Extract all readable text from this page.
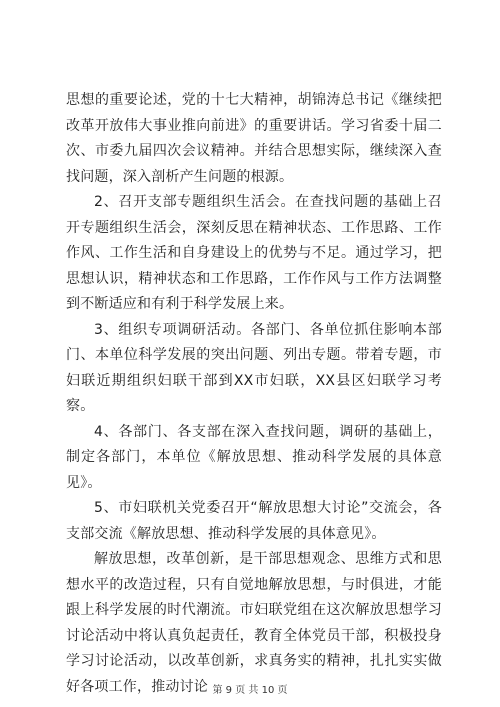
思想的重要论述，党的十七大精神，胡锦涛总书记《继续把改革开放伟大事业推向前进》的重要讲话。学习省委十届二次、市委九届四次会议精神。并结合思想实际，继续深入查找问题，深入剖析产生问题的根源。

2、召开支部专题组织生活会。在查找问题的基础上召开专题组织生活会，深刻反思在精神状态、工作思路、工作作风、工作生活和自身建设上的优势与不足。通过学习，把思想认识，精神状态和工作思路，工作作风与工作方法调整到不断适应和有利于科学发展上来。

3、组织专项调研活动。各部门、各单位抓住影响本部门、本单位科学发展的突出问题、列出专题。带着专题，市妇联近期组织妇联干部到XX市妇联，XX县区妇联学习考察。

4、各部门、各支部在深入查找问题，调研的基础上，制定各部门，本单位《解放思想、推动科学发展的具体意见》。

5、市妇联机关党委召开“解放思想大讨论”交流会，各支部交流《解放思想、推动科学发展的具体意见》。

解放思想，改革创新，是干部思想观念、思维方式和思想水平的改造过程，只有自觉地解放思想，与时俱进，才能跟上科学发展的时代潮流。市妇联党组在这次解放思想学习讨论活动中将认真负起责任，教育全体党员干部，积极投身学习讨论活动，以改革创新，求真务实的精神，扎扎实实做好各项工作，推动讨论 第 9 页 共 10 页
